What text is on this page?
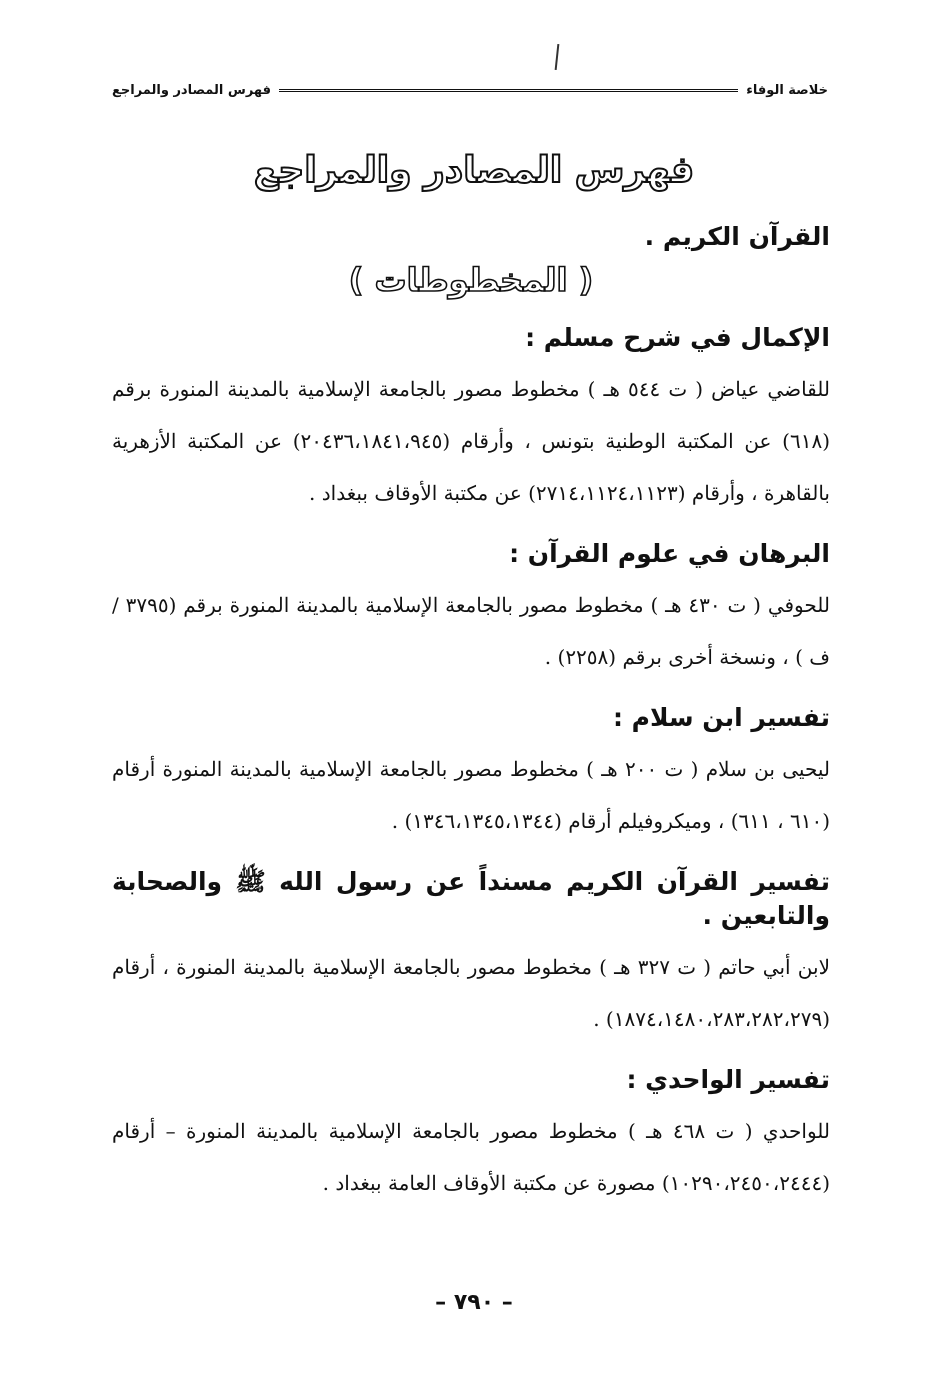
خلاصة الوفاء
فهرس المصادر والمراجع
فهرس المصادر والمراجع
القرآن الكريم .
( المخطوطات )
الإكمال في شرح مسلم :
للقاضي عياض ( ت ٥٤٤ هـ ) مخطوط مصور بالجامعة الإسلامية بالمدينة المنورة برقم (٦١٨) عن المكتبة الوطنية بتونس ، وأرقام (٢٠٤٣٦،١٨٤١،٩٤٥) عن المكتبة الأزهرية بالقاهرة ، وأرقام (٢٧١٤،١١٢٤،١١٢٣) عن مكتبة الأوقاف ببغداد .
البرهان في علوم القرآن :
للحوفي ( ت ٤٣٠ هـ ) مخطوط مصور بالجامعة الإسلامية بالمدينة المنورة برقم (٣٧٩٥ /ف ) ، ونسخة أخرى برقم (٢٢٥٨) .
تفسير ابن سلام :
ليحيى بن سلام ( ت ٢٠٠ هـ ) مخطوط مصور بالجامعة الإسلامية بالمدينة المنورة أرقام (٦١٠ ، ٦١١) ، وميكروفيلم أرقام (١٣٤٦،١٣٤٥،١٣٤٤) .
تفسير القرآن الكريم مسنداً عن رسول الله ﷺ والصحابة والتابعين .
لابن أبي حاتم ( ت ٣٢٧ هـ ) مخطوط مصور بالجامعة الإسلامية بالمدينة المنورة ، أرقام (١٨٧٤،١٤٨٠،٢٨٣،٢٨٢،٢٧٩) .
تفسير الواحدي :
للواحدي ( ت ٤٦٨ هـ ) مخطوط مصور بالجامعة الإسلامية بالمدينة المنورة – أرقام (١٠٢٩٠،٢٤٥٠،٢٤٤٤) مصورة عن مكتبة الأوقاف العامة ببغداد .
– ٧٩٠ –
